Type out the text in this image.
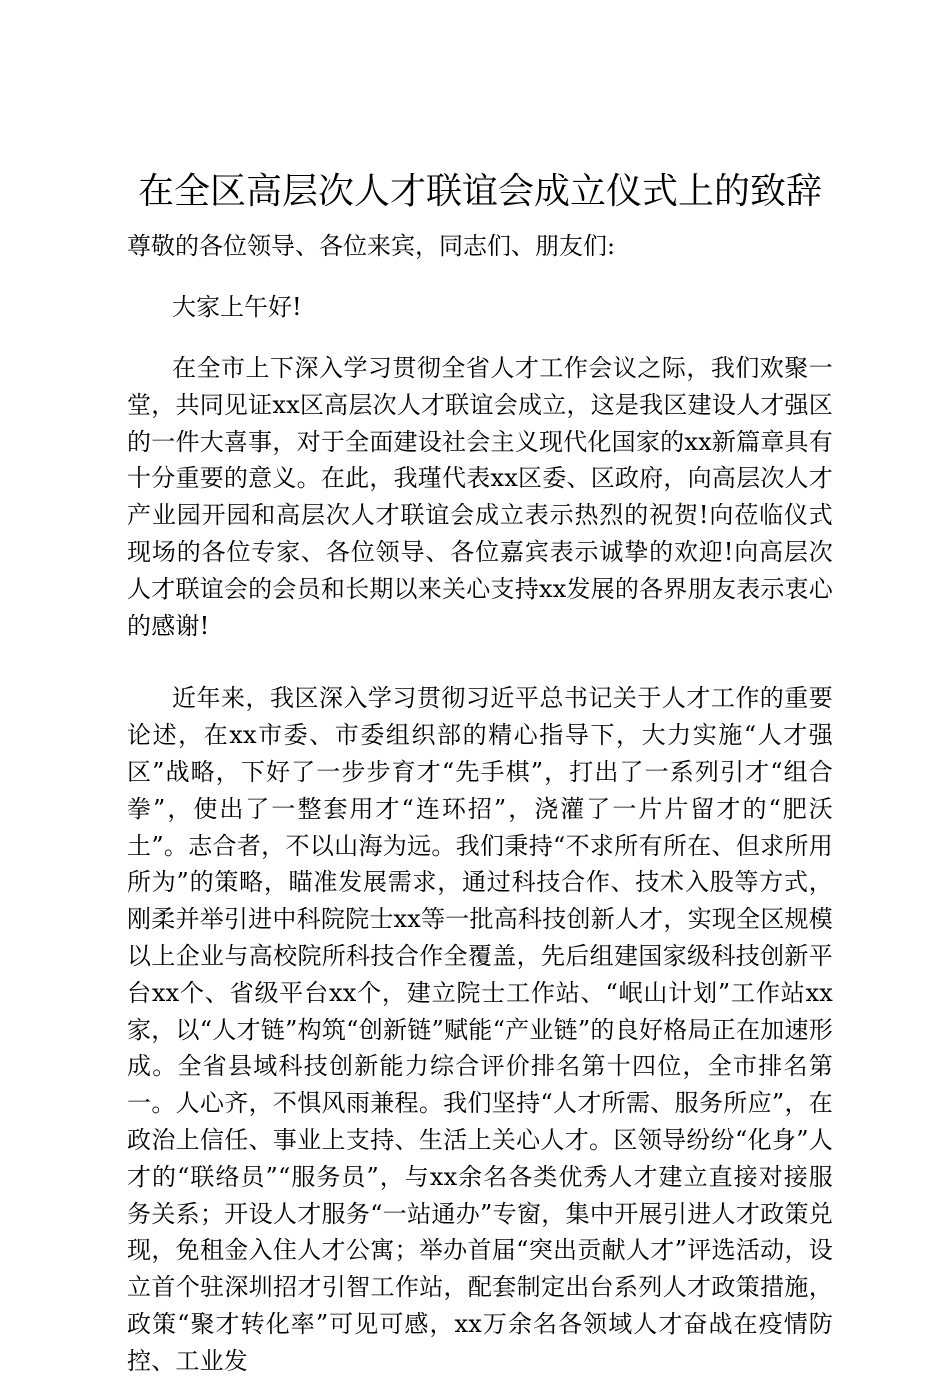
在全区高层次人才联谊会成立仪式上的致辞

尊敬的各位领导、各位来宾，同志们、朋友们:

大家上午好!

在全市上下深入学习贯彻全省人才工作会议之际，我们欢聚一堂，共同见证xx区高层次人才联谊会成立，这是我区建设人才强区的一件大喜事，对于全面建设社会主义现代化国家的xx新篇章具有十分重要的意义。在此，我瑾代表xx区委、区政府，向高层次人才产业园开园和高层次人才联谊会成立表示热烈的祝贺!向莅临仪式现场的各位专家、各位领导、各位嘉宾表示诚挚的欢迎!向高层次人才联谊会的会员和长期以来关心支持xx发展的各界朋友表示衷心的感谢!

近年来，我区深入学习贯彻习近平总书记关于人才工作的重要论述，在xx市委、市委组织部的精心指导下，大力实施“人才强区”战略，下好了一步步育才“先手棋”，打出了一系列引才“组合拳”，使出了一整套用才“连环招”，浇灌了一片片留才的“肥沃土”。志合者，不以山海为远。我们秉持“不求所有所在、但求所用所为”的策略，瞄准发展需求，通过科技合作、技术入股等方式，刚柔并举引进中科院院士xx等一批高科技创新人才，实现全区规模以上企业与高校院所科技合作全覆盖，先后组建国家级科技创新平台xx个、省级平台xx个，建立院士工作站、“岷山计划”工作站xx家，以“人才链”构筑“创新链”赋能“产业链”的良好格局正在加速形成。全省县域科技创新能力综合评价排名第十四位，全市排名第一。人心齐，不惧风雨兼程。我们坚持“人才所需、服务所应”，在政治上信任、事业上支持、生活上关心人才。区领导纷纷“化身”人才的“联络员”“服务员”，与xx余名各类优秀人才建立直接对接服务关系；开设人才服务“一站通办”专窗，集中开展引进人才政策兑现，免租金入住人才公寓；举办首届“突出贡献人才”评选活动，设立首个驻深圳招才引智工作站，配套制定出台系列人才政策措施，政策“聚才转化率”可见可感，xx万余名各领域人才奋战在疫情防控、工业发
